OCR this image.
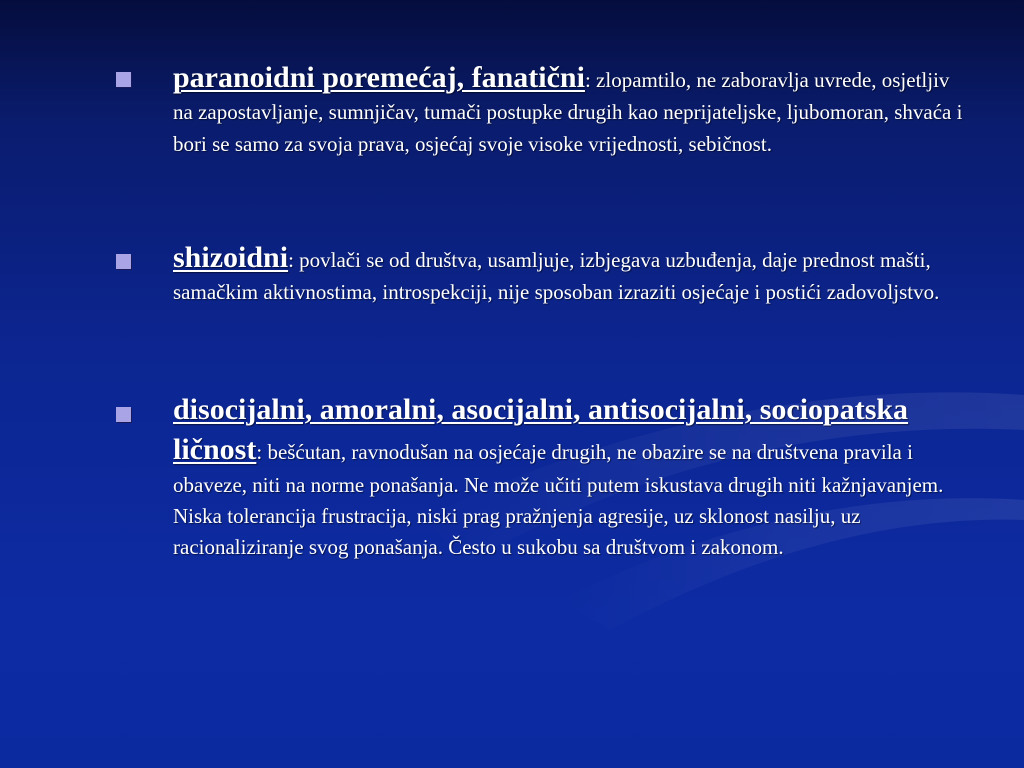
paranoidni poremećaj, fanatični: zlopamtilo, ne zaboravlja uvrede, osjetljiv na zapostavljanje, sumnjičav, tumači postupke drugih kao neprijateljske, ljubomoran, shvaća i bori se samo za svoja prava, osjećaj svoje visoke vrijednosti, sebičnost.
shizoidni: povlači se od društva, usamljuje, izbjegava uzbuđenja, daje prednost mašti, samačkim aktivnostima, introspekciji, nije sposoban izraziti osjećaje i postići zadovoljstvo.
disocijalni, amoralni, asocijalni, antisocijalni, sociopatska ličnost: bešćutan, ravnodušan na osjećaje drugih, ne obazire se na društvena pravila i obaveze, niti na norme ponašanja. Ne može učiti putem iskustava drugih niti kažnjavanjem. Niska tolerancija frustracija, niski prag pražnjenja agresije, uz sklonost nasilju, uz racionaliziranje svog ponašanja. Često u sukobu sa društvom i zakonom.
